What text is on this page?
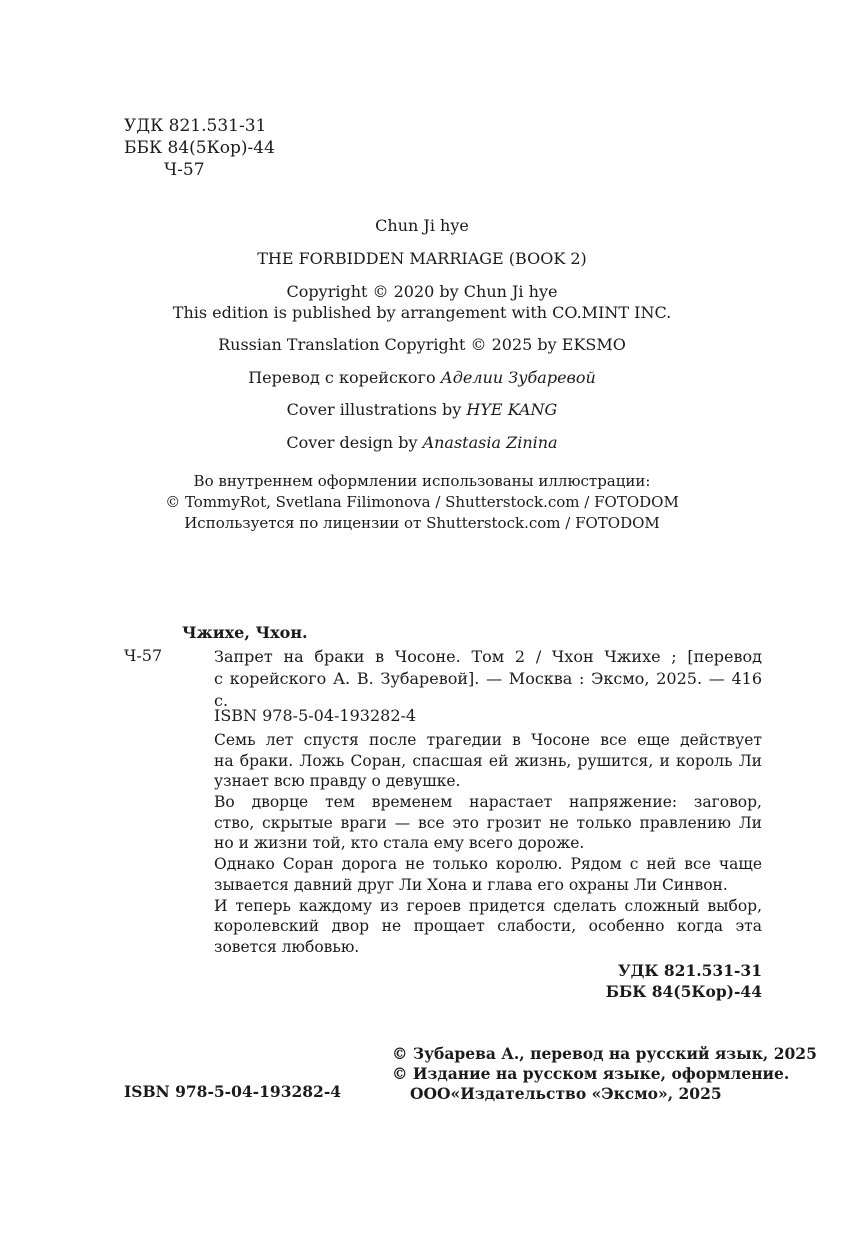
УДК 821.531-31
ББК 84(5Кор)-44
Ч-57
Chun Ji hye
THE FORBIDDEN MARRIAGE (BOOK 2)
Copyright © 2020 by Chun Ji hye
This edition is published by arrangement with CO.MINT INC.
Russian Translation Copyright © 2025 by EKSMO
Перевод с корейского Аделии Зубаревой
Cover illustrations by HYE KANG
Cover design by Anastasia Zinina
Во внутреннем оформлении использованы иллюстрации:
© TommyRot, Svetlana Filimonova / Shutterstock.com / FOTODOM
Используется по лицензии от Shutterstock.com / FOTODOM
Чжихе, Чхон.
Ч-57	Запрет на браки в Чосоне. Том 2 / Чхон Чжихе ; [перевод
с корейского А. В. Зубаревой]. — Москва : Эксмо, 2025. — 416 с.
ISBN 978-5-04-193282-4
Семь лет спустя после трагедии в Чосоне все еще действует
на браки. Ложь Соран, спасшая ей жизнь, рушится, и король Ли
узнает всю правду о девушке.
Во дворце тем временем нарастает напряжение: заговор,
ство, скрытые враги — все это грозит не только правлению Ли
но и жизни той, кто стала ему всего дороже.
Однако Соран дорога не только королю. Рядом с ней все чаще
зывается давний друг Ли Хона и глава его охраны Ли Синвон.
И теперь каждому из героев придется сделать сложный выбор,
королевский двор не прощает слабости, особенно когда эта
зовется любовью.
УДК 821.531-31
ББК 84(5Кор)-44
© Зубарева А., перевод на русский язык, 2025
© Издание на русском языке, оформление.
ООО«Издательство «Эксмо», 2025
ISBN 978-5-04-193282-4
